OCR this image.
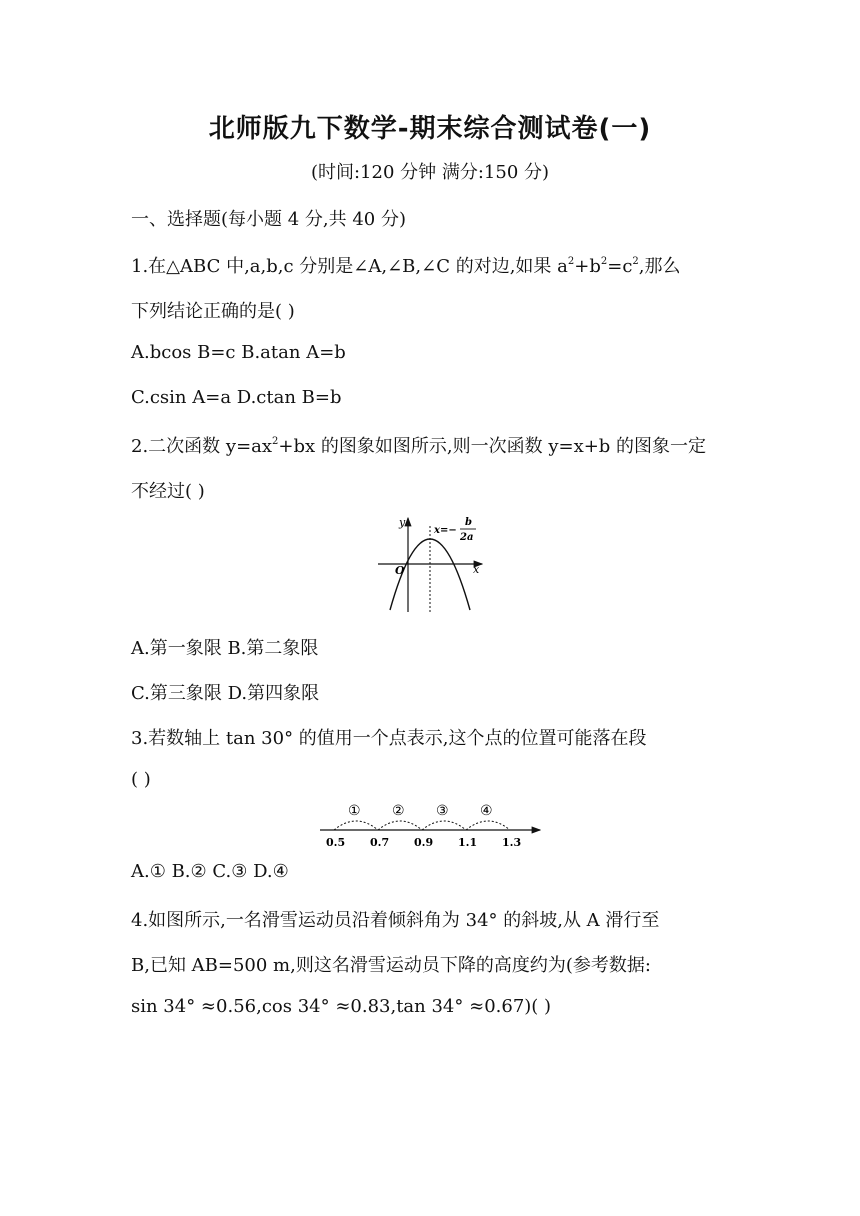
北师版九下数学-期末综合测试卷(一)
(时间:120 分钟 满分:150 分)
一、选择题(每小题 4 分,共 40 分)
1.在△ABC 中,a,b,c 分别是∠A,∠B,∠C 的对边,如果 $a^2+b^2=c^2$,那么
下列结论正确的是( )
A.bcos B=c B.atan A=b
C.csin A=a D.ctan B=b
2.二次函数 $y=ax^2+bx$ 的图象如图所示,则一次函数 y=x+b 的图象一定
不经过( )
y
x
O
x=−
b
2a
A.第一象限 B.第二象限
C.第三象限 D.第四象限
3.若数轴上 tan 30° 的值用一个点表示,这个点的位置可能落在段
( )
① ② ③ ④
0.5 0.7 0.9 1.1 1.3
A.① B.② C.③ D.④
4.如图所示,一名滑雪运动员沿着倾斜角为 34° 的斜坡,从 A 滑行至
B,已知 AB=500 m,则这名滑雪运动员下降的高度约为(参考数据:
sin 34° ≈0.56,cos 34° ≈0.83,tan 34° ≈0.67)( )
